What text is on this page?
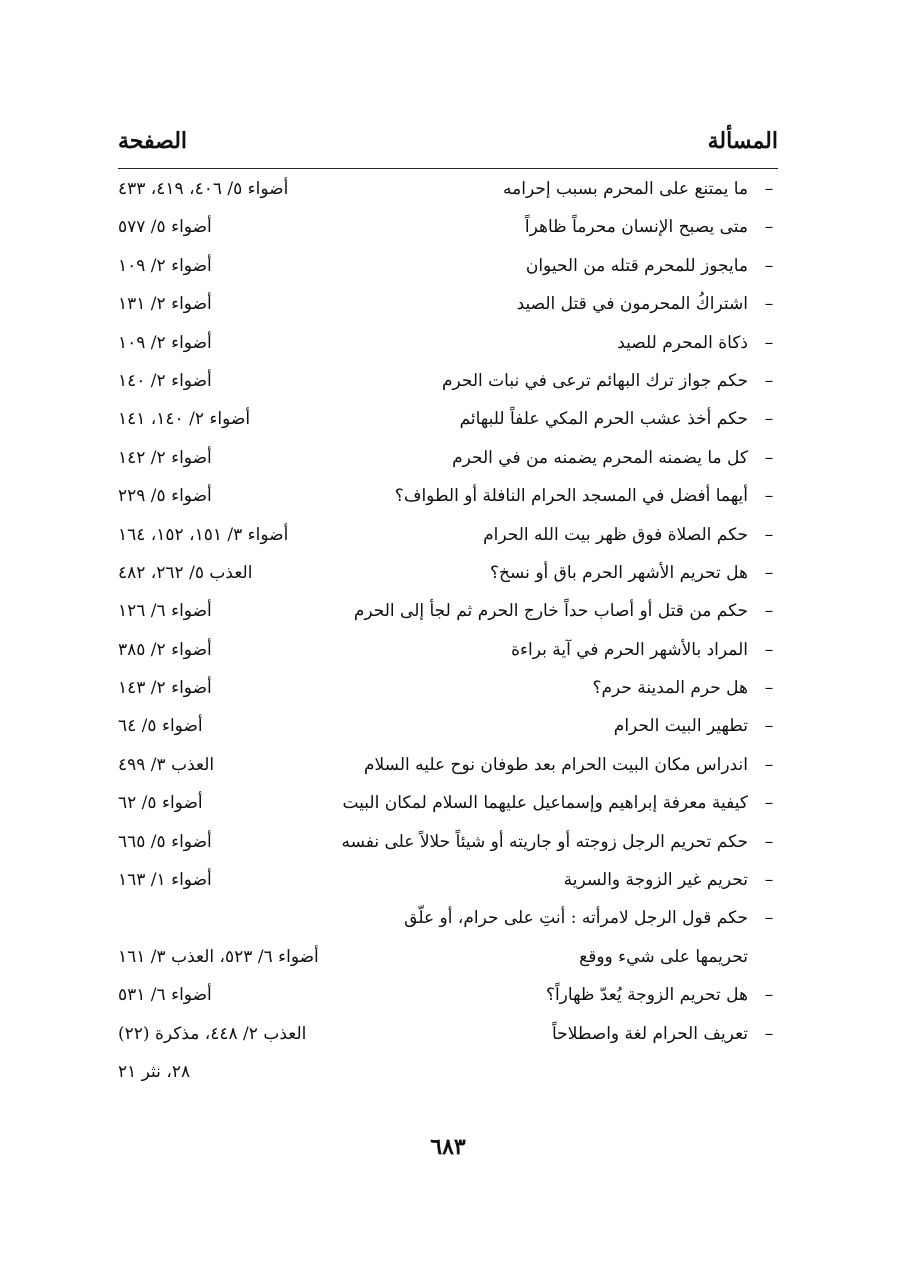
المسألة
الصفحة
–
ما يمتنع على المحرم بسبب إحرامه
أضواء ٥/ ٤٠٦، ٤١٩، ٤٣٣
–
متى يصبح الإنسان محرماً ظاهراً
أضواء ٥/ ٥٧٧
–
مايجوز للمحرم قتله من الحيوان
أضواء ٢/ ١٠٩
–
اشتراكُ المحرمون في قتل الصيد
أضواء ٢/ ١٣١
–
ذكاة المحرم للصيد
أضواء ٢/ ١٠٩
–
حكم جواز ترك البهائم ترعى في نبات الحرم
أضواء ٢/ ١٤٠
–
حكم أخذ عشب الحرم المكي علفاً للبهائم
أضواء ٢/ ١٤٠، ١٤١
–
كل ما يضمنه المحرم يضمنه من في الحرم
أضواء ٢/ ١٤٢
–
أيهما أفضل في المسجد الحرام النافلة أو الطواف؟
أضواء ٥/ ٢٢٩
–
حكم الصلاة فوق ظهر بيت الله الحرام
أضواء ٣/ ١٥١، ١٥٢، ١٦٤
–
هل تحريم الأشهر الحرم باق أو نسخ؟
العذب ٥/ ٢٦٢، ٤٨٢
–
حكم من قتل أو أصاب حداً خارج الحرم ثم لجأ إلى الحرم
أضواء ٦/ ١٢٦
–
المراد بالأشهر الحرم في آية براءة
أضواء ٢/ ٣٨٥
–
هل حرم المدينة حرم؟
أضواء ٢/ ١٤٣
–
تطهير البيت الحرام
أضواء ٥/ ٦٤
–
اندراس مكان البيت الحرام بعد طوفان نوح عليه السلام
العذب ٣/ ٤٩٩
–
كيفية معرفة إبراهيم وإسماعيل عليهما السلام لمكان البيت
أضواء ٥/ ٦٢
–
حكم تحريم الرجل زوجته أو جاريته أو شيئاً حلالاً على نفسه
أضواء ٥/ ٦٦٥
–
تحريم غير الزوجة والسرية
أضواء ١/ ١٦٣
–
حكم قول الرجل لامرأته : أنتِ على حرام، أو علّق
تحريمها على شيء ووقع
أضواء ٦/ ٥٢٣، العذب ٣/ ١٦١
–
هل تحريم الزوجة يُعدّ ظهاراً؟
أضواء ٦/ ٥٣١
–
تعريف الحرام لغة واصطلاحاً
العذب ٢/ ٤٤٨، مذكرة (٢٢)
٢٨، نثر ٢١
٦٨٣
